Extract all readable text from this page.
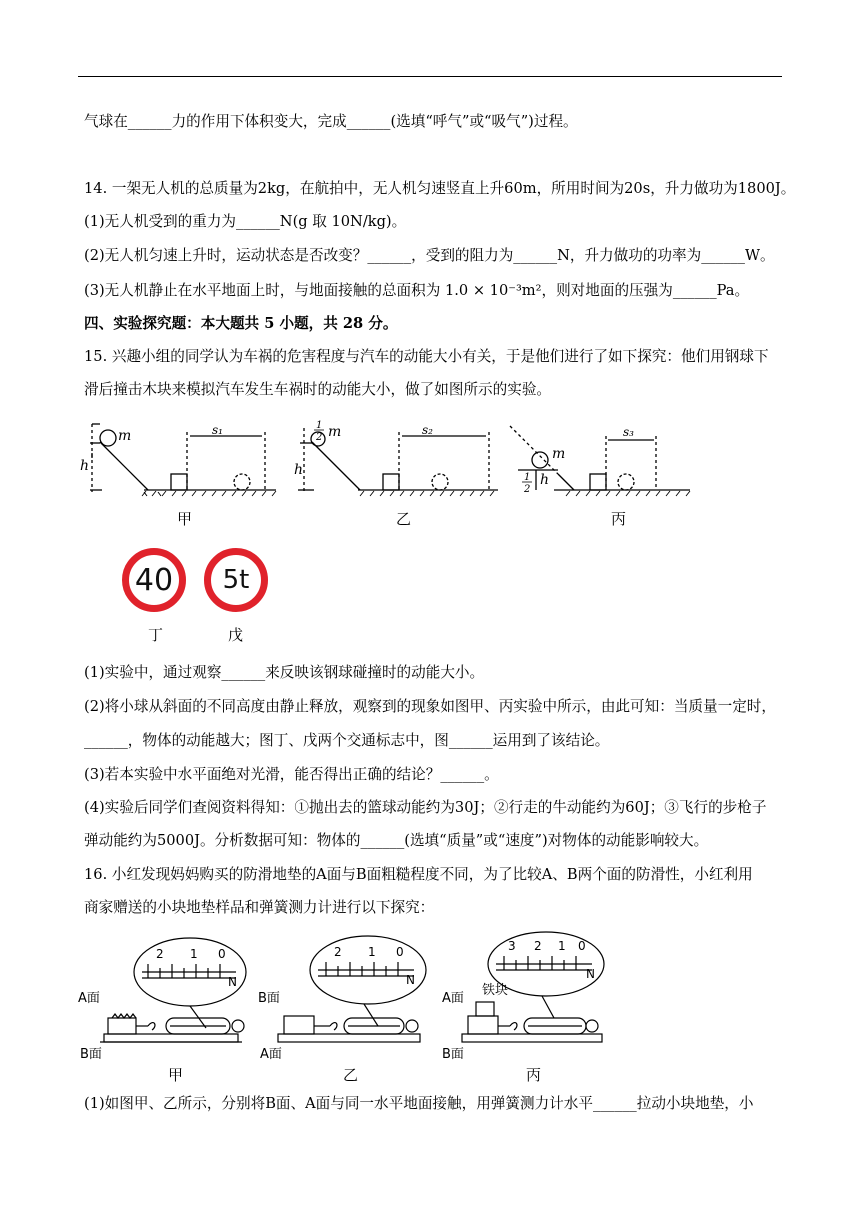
气球在______力的作用下体积变大，完成______(选填“呼气”或“吸气”)过程。
14. 一架无人机的总质量为2kg，在航拍中，无人机匀速竖直上升60m，所用时间为20s，升力做功为1800J。
(1)无人机受到的重力为______N(g 取 10N/kg)。
(2)无人机匀速上升时，运动状态是否改变？______，受到的阻力为______N，升力做功的功率为______W。
(3)无人机静止在水平地面上时，与地面接触的总面积为 1.0 × 10⁻³m²，则对地面的压强为______Pa。
四、实验探究题：本大题共 5 小题，共 28 分。
15. 兴趣小组的同学认为车祸的危害程度与汽车的动能大小有关，于是他们进行了如下探究：他们用钢球下
滑后撞击木块来模拟汽车发生车祸时的动能大小，做了如图所示的实验。
m
h
s₁	1
2 m
h
s₂
m
1
2
h
s₃
甲	乙	丙
40 5t
丁	戊
(1)实验中，通过观察______来反映该钢球碰撞时的动能大小。
(2)将小球从斜面的不同高度由静止释放，观察到的现象如图甲、丙实验中所示，由此可知：当质量一定时，
______，物体的动能越大；图丁、戊两个交通标志中，图______运用到了该结论。
(3)若本实验中水平面绝对光滑，能否得出正确的结论？______。
(4)实验后同学们查阅资料得知：①抛出去的篮球动能约为30J；②行走的牛动能约为60J；③飞行的步枪子
弹动能约为5000J。分析数据可知：物体的______(选填“质量”或“速度”)对物体的动能影响较大。
16. 小红发现妈妈购买的防滑地垫的A面与B面粗糙程度不同，为了比较A、B两个面的防滑性，小红利用
商家赠送的小块地垫样品和弹簧测力计进行以下探究：
A面
B面
B面
A面
A面
B面
铁块
2 1 0
N
2 1 0
N
3 2 1 0
N
甲	乙	丙
(1)如图甲、乙所示，分别将B面、A面与同一水平地面接触，用弹簧测力计水平______拉动小块地垫，小
